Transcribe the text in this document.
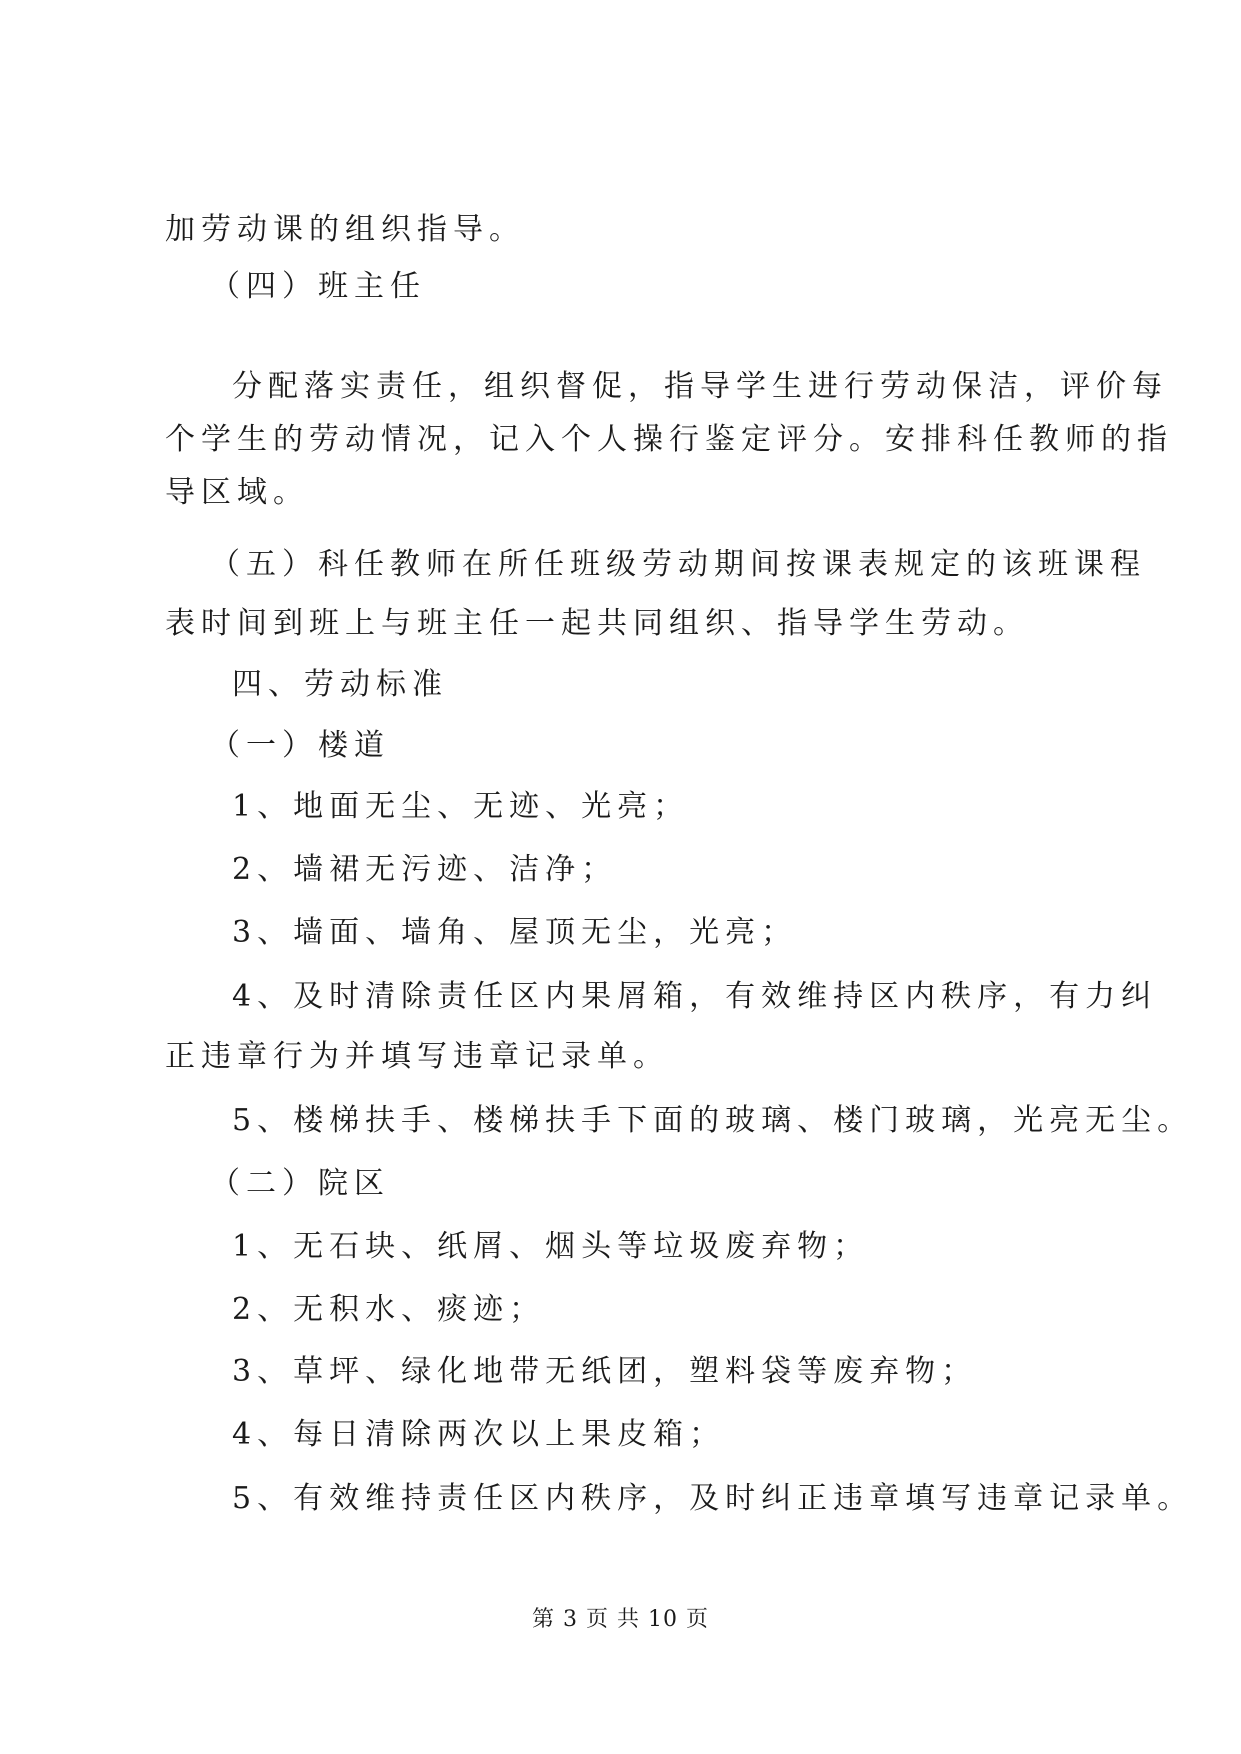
加劳动课的组织指导。
（四）班主任
分配落实责任，组织督促，指导学生进行劳动保洁，评价每
个学生的劳动情况，记入个人操行鉴定评分。安排科任教师的指
导区域。
（五）科任教师在所任班级劳动期间按课表规定的该班课程
表时间到班上与班主任一起共同组织、指导学生劳动。
四、劳动标准
（一）楼道
1、地面无尘、无迹、光亮；
2、墙裙无污迹、洁净；
3、墙面、墙角、屋顶无尘，光亮；
4、及时清除责任区内果屑箱，有效维持区内秩序，有力纠
正违章行为并填写违章记录单。
5、楼梯扶手、楼梯扶手下面的玻璃、楼门玻璃，光亮无尘。
（二）院区
1、无石块、纸屑、烟头等垃圾废弃物；
2、无积水、痰迹；
3、草坪、绿化地带无纸团，塑料袋等废弃物；
4、每日清除两次以上果皮箱；
5、有效维持责任区内秩序，及时纠正违章填写违章记录单。
第 3 页 共 10 页
